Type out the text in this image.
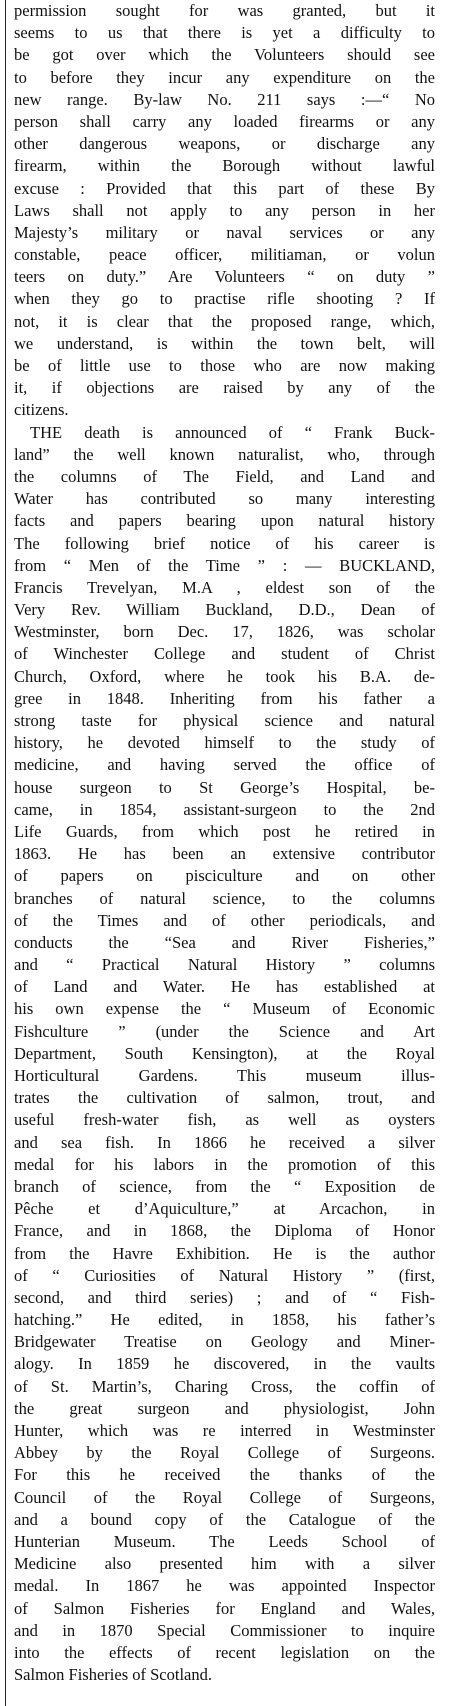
permission sought for was granted, but it
seems to us that there is yet a difficulty to
be got over which the Volunteers should see
to before they incur any expenditure on the
new range. By-law No. 211 says :—“ No
person shall carry any loaded firearms or any
other dangerous weapons, or discharge any
firearm, within the Borough without lawful
excuse : Provided that this part of these By
Laws shall not apply to any person in her
Majesty’s military or naval services or any
constable, peace officer, militiaman, or volun
teers on duty.” Are Volunteers “ on duty ”
when they go to practise rifle shooting ? If
not, it is clear that the proposed range, which,
we understand, is within the town belt, will
be of little use to those who are now making
it, if objections are raised by any of the
citizens.
THE death is announced of “ Frank Buck-
land” the well known naturalist, who, through
the columns of The Field, and Land and
Water has contributed so many interesting
facts and papers bearing upon natural history
The following brief notice of his career is
from “ Men of the Time ” : — BUCKLAND,
Francis Trevelyan, M.A , eldest son of the
Very Rev. William Buckland, D.D., Dean of
Westminster, born Dec. 17, 1826, was scholar
of Winchester College and student of Christ
Church, Oxford, where he took his B.A. de-
gree in 1848. Inheriting from his father a
strong taste for physical science and natural
history, he devoted himself to the study of
medicine, and having served the office of
house surgeon to St George’s Hospital, be-
came, in 1854, assistant-surgeon to the 2nd
Life Guards, from which post he retired in
1863. He has been an extensive contributor
of papers on pisciculture and on other
branches of natural science, to the columns
of the Times and of other periodicals, and
conducts the “Sea and River Fisheries,”
and “ Practical Natural History ” columns
of Land and Water. He has established at
his own expense the “ Museum of Economic
Fishculture ” (under the Science and Art
Department, South Kensington), at the Royal
Horticultural Gardens. This museum illus-
trates the cultivation of salmon, trout, and
useful fresh-water fish, as well as oysters
and sea fish. In 1866 he received a silver
medal for his labors in the promotion of this
branch of science, from the “ Exposition de
Pêche et d’Aquiculture,” at Arcachon, in
France, and in 1868, the Diploma of Honor
from the Havre Exhibition. He is the author
of “ Curiosities of Natural History ” (first,
second, and third series) ; and of “ Fish-
hatching.” He edited, in 1858, his father’s
Bridgewater Treatise on Geology and Miner-
alogy. In 1859 he discovered, in the vaults
of St. Martin’s, Charing Cross, the coffin of
the great surgeon and physiologist, John
Hunter, which was re interred in Westminster
Abbey by the Royal College of Surgeons.
For this he received the thanks of the
Council of the Royal College of Surgeons,
and a bound copy of the Catalogue of the
Hunterian Museum. The Leeds School of
Medicine also presented him with a silver
medal. In 1867 he was appointed Inspector
of Salmon Fisheries for England and Wales,
and in 1870 Special Commissioner to inquire
into the effects of recent legislation on the
Salmon Fisheries of Scotland.
